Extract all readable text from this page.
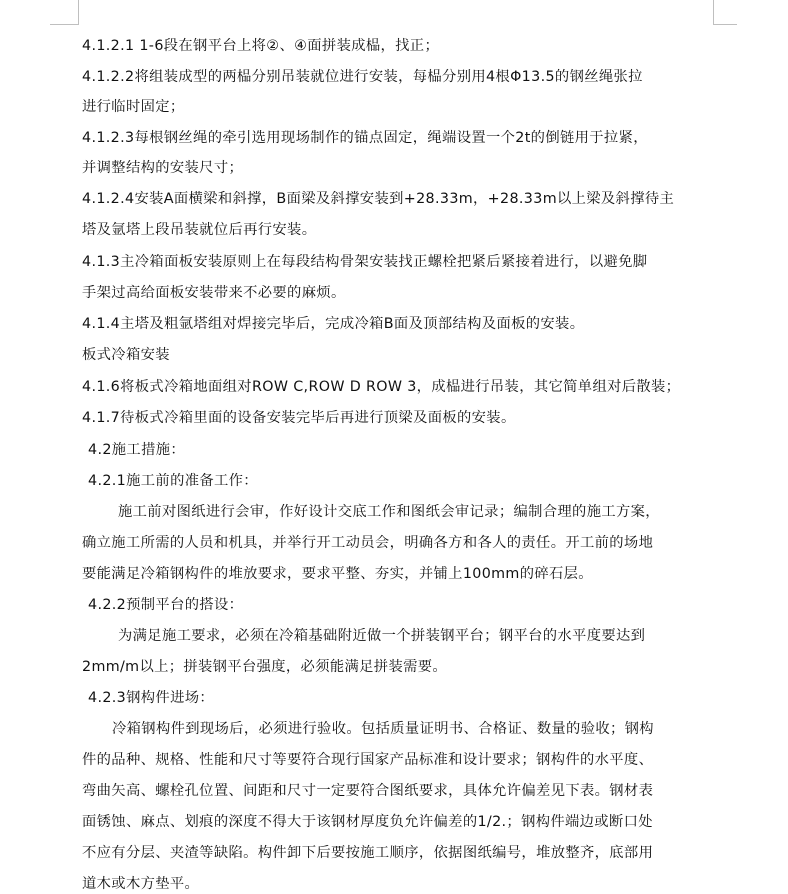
4.1.2.1 1-6段在钢平台上将②、④面拼装成榀，找正；
4.1.2.2将组装成型的两榀分别吊装就位进行安装，每榀分别用4根Φ13.5的钢丝绳张拉
进行临时固定；
4.1.2.3每根钢丝绳的牵引选用现场制作的锚点固定，绳端设置一个2t的倒链用于拉紧，
并调整结构的安装尺寸；
4.1.2.4安装A面横梁和斜撑，B面梁及斜撑安装到+28.33m，+28.33m以上梁及斜撑待主
塔及氩塔上段吊装就位后再行安装。
4.1.3主冷箱面板安装原则上在每段结构骨架安装找正螺栓把紧后紧接着进行，以避免脚
手架过高给面板安装带来不必要的麻烦。
4.1.4主塔及粗氩塔组对焊接完毕后，完成冷箱B面及顶部结构及面板的安装。
板式冷箱安装
4.1.6将板式冷箱地面组对ROW C,ROW D ROW 3，成榀进行吊装，其它简单组对后散装；
4.1.7待板式冷箱里面的设备安装完毕后再进行顶梁及面板的安装。
4.2施工措施：
4.2.1施工前的准备工作：
施工前对图纸进行会审，作好设计交底工作和图纸会审记录；编制合理的施工方案，
确立施工所需的人员和机具，并举行开工动员会，明确各方和各人的责任。开工前的场地
要能满足冷箱钢构件的堆放要求，要求平整、夯实，并铺上100mm的碎石层。
4.2.2预制平台的搭设：
为满足施工要求，必须在冷箱基础附近做一个拼装钢平台；钢平台的水平度要达到
2mm/m以上；拼装钢平台强度，必须能满足拼装需要。
4.2.3钢构件进场：
冷箱钢构件到现场后，必须进行验收。包括质量证明书、合格证、数量的验收；钢构
件的品种、规格、性能和尺寸等要符合现行国家产品标准和设计要求；钢构件的水平度、
弯曲矢高、螺栓孔位置、间距和尺寸一定要符合图纸要求，具体允许偏差见下表。钢材表
面锈蚀、麻点、划痕的深度不得大于该钢材厚度负允许偏差的1/2.；钢构件端边或断口处
不应有分层、夹渣等缺陷。构件卸下后要按施工顺序，依据图纸编号，堆放整齐，底部用
道木或木方垫平。
